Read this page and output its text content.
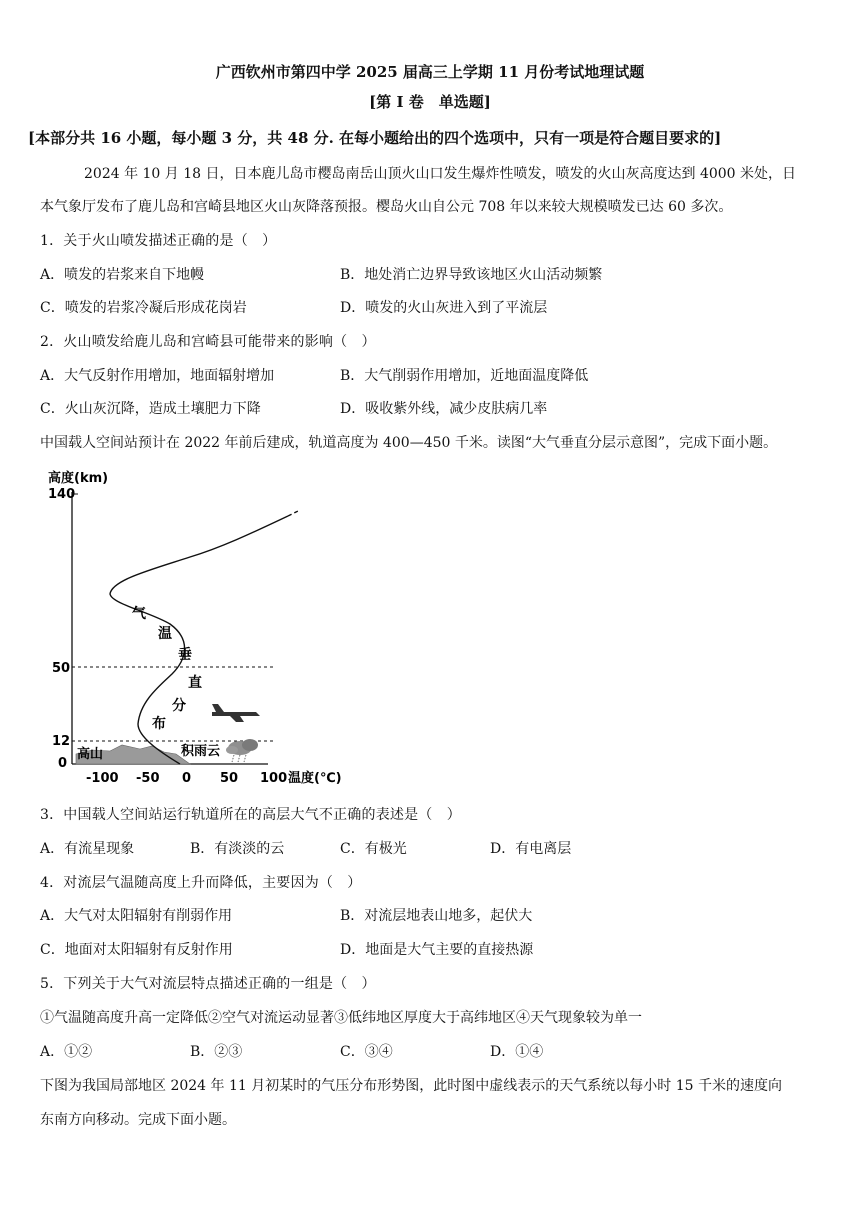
广西钦州市第四中学 2025 届高三上学期 11 月份考试地理试题
[第 I 卷　单选题]
[本部分共 16 小题，每小题 3 分，共 48 分. 在每小题给出的四个选项中，只有一项是符合题目要求的]
2024 年 10 月 18 日，日本鹿儿岛市樱岛南岳山顶火山口发生爆炸性喷发，喷发的火山灰高度达到 4000 米处，日
本气象厅发布了鹿儿岛和宫崎县地区火山灰降落预报。樱岛火山自公元 708 年以来较大规模喷发已达 60 多次。
1．关于火山喷发描述正确的是（　）
A．喷发的岩浆来自下地幔	B．地处消亡边界导致该地区火山活动频繁
C．喷发的岩浆冷凝后形成花岗岩	D．喷发的火山灰进入到了平流层
2．火山喷发给鹿儿岛和宫崎县可能带来的影响（　）
A．大气反射作用增加，地面辐射增加	B．大气削弱作用增加，近地面温度降低
C．火山灰沉降，造成土壤肥力下降	D．吸收紫外线，减少皮肤病几率
中国载人空间站预计在 2022 年前后建成，轨道高度为 400—450 千米。读图“大气垂直分层示意图”，完成下面小题。
高度(km)
140
50
12
0
高山
气
温
垂
直
分
布
积雨云
-100 -50 0 50 100 温度(℃)
3．中国载人空间站运行轨道所在的高层大气不正确的表述是（　）
A．有流星现象	B．有淡淡的云	C．有极光	D．有电离层
4．对流层气温随高度上升而降低，主要因为（　）
A．大气对太阳辐射有削弱作用	B．对流层地表山地多，起伏大
C．地面对太阳辐射有反射作用	D．地面是大气主要的直接热源
5．下列关于大气对流层特点描述正确的一组是（　）
①气温随高度升高一定降低②空气对流运动显著③低纬地区厚度大于高纬地区④天气现象较为单一
A．①②	B．②③	C．③④	D．①④
下图为我国局部地区 2024 年 11 月初某时的气压分布形势图，此时图中虚线表示的天气系统以每小时 15 千米的速度向
东南方向移动。完成下面小题。
